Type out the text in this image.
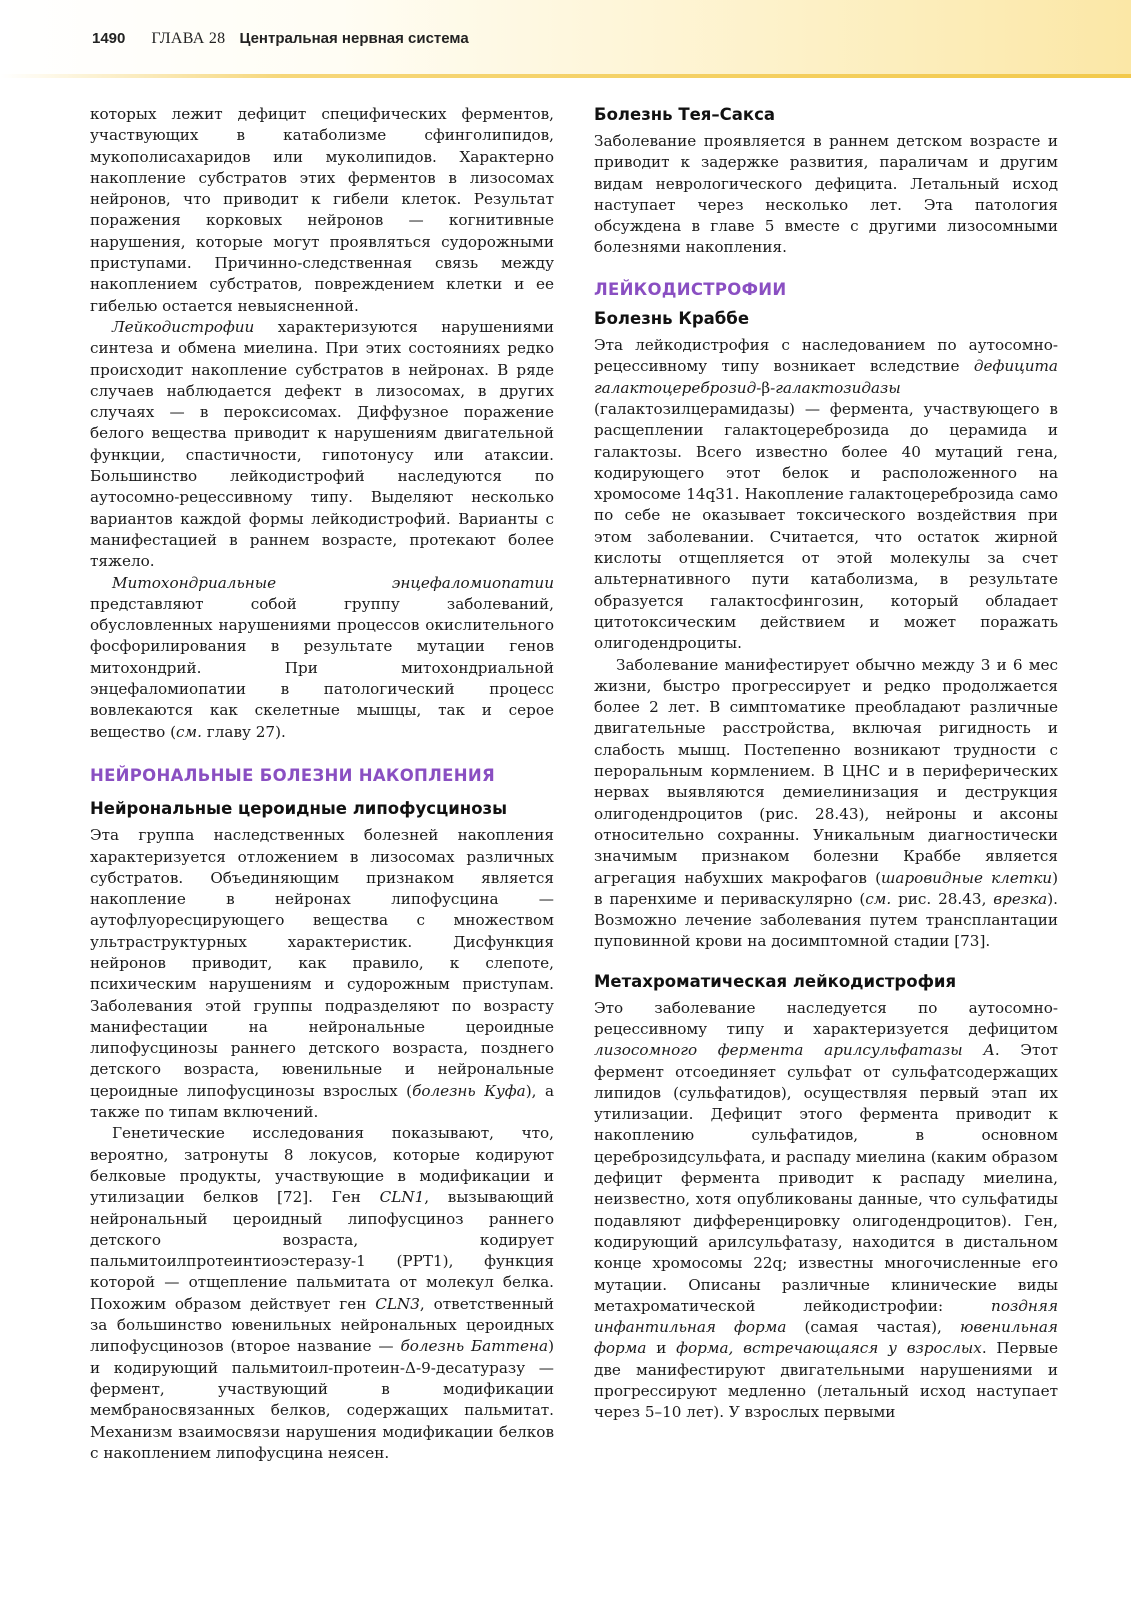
1490 ГЛАВА 28 Центральная нервная система

которых лежит дефицит специфических ферментов, участвующих в катаболизме сфинголипидов, мукополисахаридов или муколипидов. Характерно накопление субстратов этих ферментов в лизосомах нейронов, что приводит к гибели клеток. Результат поражения корковых нейронов — когнитивные нарушения, которые могут проявляться судорожными приступами. Причинно-следственная связь между накоплением субстратов, повреждением клетки и ее гибелью остается невыясненной.

Лейкодистрофии характеризуются нарушениями синтеза и обмена миелина. При этих состояниях редко происходит накопление субстратов в нейронах. В ряде случаев наблюдается дефект в лизосомах, в других случаях — в пероксисомах. Диффузное поражение белого вещества приводит к нарушениям двигательной функции, спастичности, гипотонусу или атаксии. Большинство лейкодистрофий наследуются по аутосомно-рецессивному типу. Выделяют несколько вариантов каждой формы лейкодистрофий. Варианты с манифестацией в раннем возрасте, протекают более тяжело.

Митохондриальные энцефаломиопатии представляют собой группу заболеваний, обусловленных нарушениями процессов окислительного фосфорилирования в результате мутации генов митохондрий. При митохондриальной энцефаломиопатии в патологический процесс вовлекаются как скелетные мышцы, так и серое вещество (см. главу 27).

НЕЙРОНАЛЬНЫЕ БОЛЕЗНИ НАКОПЛЕНИЯ
Нейрональные цероидные липофусцинозы

Эта группа наследственных болезней накопления характеризуется отложением в лизосомах различных субстратов. Объединяющим признаком является накопление в нейронах липофусцина — аутофлуоресцирующего вещества с множеством ультраструктурных характеристик. Дисфункция нейронов приводит, как правило, к слепоте, психическим нарушениям и судорожным приступам. Заболевания этой группы подразделяют по возрасту манифестации на нейрональные цероидные липофусцинозы раннего детского возраста, позднего детского возраста, ювенильные и нейрональные цероидные липофусцинозы взрослых (болезнь Куфа), а также по типам включений.

Генетические исследования показывают, что, вероятно, затронуты 8 локусов, которые кодируют белковые продукты, участвующие в модификации и утилизации белков [72]. Ген CLN1, вызывающий нейрональный цероидный липофусциноз раннего детского возраста, кодирует пальмитоилпротеинтиоэстеразу-1 (PPT1), функция которой — отщепление пальмитата от молекул белка. Похожим образом действует ген CLN3, ответственный за большинство ювенильных нейрональных цероидных липофусцинозов (второе название — болезнь Баттена) и кодирующий пальмитоил-протеин-Δ-9-десатуразу — фермент, участвующий в модификации мембраносвязанных белков, содержащих пальмитат. Механизм взаимосвязи нарушения модификации белков с накоплением липофусцина неясен.

Болезнь Тея–Сакса

Заболевание проявляется в раннем детском возрасте и приводит к задержке развития, параличам и другим видам неврологического дефицита. Летальный исход наступает через несколько лет. Эта патология обсуждена в главе 5 вместе с другими лизосомными болезнями накопления.

ЛЕЙКОДИСТРОФИИ
Болезнь Краббе

Эта лейкодистрофия с наследованием по аутосомно-рецессивному типу возникает вследствие дефицита галактоцереброзид-β-галактозидазы (галактозилцерамидазы) — фермента, участвующего в расщеплении галактоцереброзида до церамида и галактозы. Всего известно более 40 мутаций гена, кодирующего этот белок и расположенного на хромосоме 14q31. Накопление галактоцереброзида само по себе не оказывает токсического воздействия при этом заболевании. Считается, что остаток жирной кислоты отщепляется от этой молекулы за счет альтернативного пути катаболизма, в результате образуется галактосфингозин, который обладает цитотоксическим действием и может поражать олигодендроциты.

Заболевание манифестирует обычно между 3 и 6 мес жизни, быстро прогрессирует и редко продолжается более 2 лет. В симптоматике преобладают различные двигательные расстройства, включая ригидность и слабость мышц. Постепенно возникают трудности с пероральным кормлением. В ЦНС и в периферических нервах выявляются демиелинизация и деструкция олигодендроцитов (рис. 28.43), нейроны и аксоны относительно сохранны. Уникальным диагностически значимым признаком болезни Краббе является агрегация набухших макрофагов (шаровидные клетки) в паренхиме и периваскулярно (см. рис. 28.43, врезка). Возможно лечение заболевания путем трансплантации пуповинной крови на досимптомной стадии [73].

Метахроматическая лейкодистрофия

Это заболевание наследуется по аутосомно-рецессивному типу и характеризуется дефицитом лизосомного фермента арилсульфатазы А. Этот фермент отсоединяет сульфат от сульфатсодержащих липидов (сульфатидов), осуществляя первый этап их утилизации. Дефицит этого фермента приводит к накоплению сульфатидов, в основном цереброзидсульфата, и распаду миелина (каким образом дефицит фермента приводит к распаду миелина, неизвестно, хотя опубликованы данные, что сульфатиды подавляют дифференцировку олигодендроцитов). Ген, кодирующий арилсульфатазу, находится в дистальном конце хромосомы 22q; известны многочисленные его мутации. Описаны различные клинические виды метахроматической лейкодистрофии: поздняя инфантильная форма (самая частая), ювенильная форма и форма, встречающаяся у взрослых. Первые две манифестируют двигательными нарушениями и прогрессируют медленно (летальный исход наступает через 5–10 лет). У взрослых первыми
